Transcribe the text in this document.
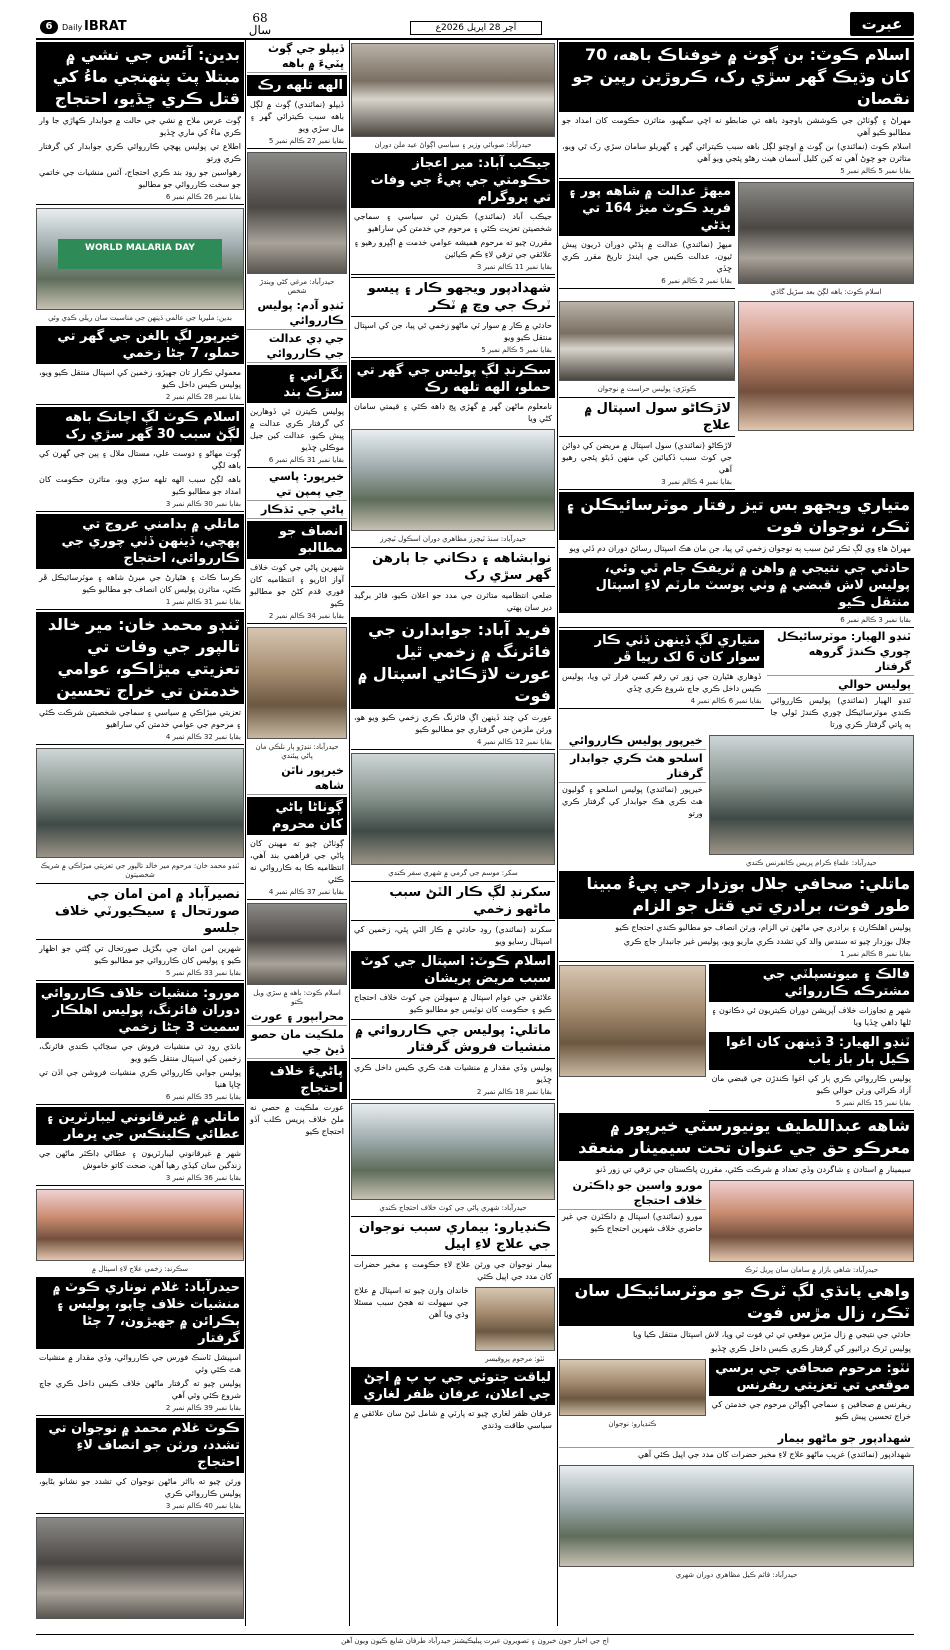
6	Daily IBRAT
68
سال	آچر 28 اپريل 2026ع	عبرت
اسلام ڪوٽ: بن ڳوٺ ۾ خوفناڪ باهه، 70 کان وڌيڪ گهر سڙي رک، ڪروڙين رپين جو نقصان
مهراڻ ۽ ڳوٺاڻن جي ڪوششن باوجود باهه تي ضابطو نه اچي سگهيو، متاثرن حڪومت کان امداد جو مطالبو ڪيو آهي
اسلام ڪوٽ (نمائندي) بن ڳوٺ ۾ اوچتو لڳل باهه سبب ڪيترائي گهر ۽ گهريلو سامان سڙي رک ٿي ويو، متاثرن جو چوڻ آهي ته کين کليل آسمان هيٺ رهڻو پئجي ويو آهي
بقايا نمبر 5 ڪالم نمبر 5
اسلام ڪوٽ: باهه لڳڻ بعد سڙيل گاڏي
ميهڙ عدالت ۾ شاهه پور ۽ فريد ڪوٽ ميڙ 164 تي ٻڌڻي
ميهڙ (نمائندي) عدالت ۾ ٻڌڻي دوران ڌريون پيش ٿيون، عدالت ڪيس جي ايندڙ تاريخ مقرر ڪري ڇڏي
بقايا نمبر 2 ڪالم نمبر 6
ڪوٽڙي: پوليس حراست ۾ نوجوان
لاڙڪاڻو سول اسپتال ۾ علاج
لاڙڪاڻو (نمائندي) سول اسپتال ۾ مريضن کي دوائن جي کوٽ سبب ڏکيائين کي منهن ڏيڻو پئجي رهيو آهي
بقايا نمبر 4 ڪالم نمبر 3
متياري ويجهو بس تيز رفتار موٽرسائيڪلن ۽ ٽڪر، نوجوان فوت
مهراڻ هاءِ وي لڳ ٽڪر ٿيڻ سبب ٻه نوجوان زخمي ٿي پيا، جن مان هڪ اسپتال رسائڻ دوران دم ڏئي ويو
حادثي جي نتيجي ۾ واهن ۾ ٽريفڪ جام ٿي وئي، پوليس لاش قبضي ۾ وٺي پوسٽ مارٽم لاءِ اسپتال منتقل ڪيو
بقايا نمبر 3 ڪالم نمبر 6
ٽنڊو الهيار: موٽرسائيڪل چوري ڪندڙ گروهه گرفتار
پوليس حوالي
ٽنڊو الهيار (نمائندي) پوليس ڪارروائي ڪندي موٽرسائيڪل چوري ڪندڙ ٽولي جا ٻه ڀاتي گرفتار ڪري ورتا
متياري لڳ ڏينهن ڏٺي ڪار سوار کان 6 لک رپيا ڦر
ڏوهاري هٿيارن جي زور تي رقم کسي فرار ٿي ويا، پوليس ڪيس داخل ڪري جاچ شروع ڪري ڇڏي
بقايا نمبر 6 ڪالم نمبر 4
حيدرآباد: علماءِ ڪرام پريس ڪانفرنس ڪندي
خيرپور پوليس ڪارروائي
اسلحو هٿ ڪري جوابدار گرفتار
خيرپور (نمائندي) پوليس اسلحو ۽ گوليون هٿ ڪري هڪ جوابدار کي گرفتار ڪري ورتو
ماتلي: صحافي جلال بوزدار جي پيءُ مبينا طور فوت، برادري تي قتل جو الزام
پوليس اهلڪارن ۽ برادري جي ماڻهن تي الزام، ورثن انصاف جو مطالبو ڪندي احتجاج ڪيو
جلال بوزدار چيو ته سندس والد کي تشدد ڪري ماريو ويو، پوليس غير جانبدار جاچ ڪري
بقايا نمبر 8 ڪالم نمبر 1
فالڪ ۽ ميونسپلٽي جي مشترڪه ڪارروائي
شهر ۾ تجاوزات خلاف آپريشن دوران ڪيتريون ئي دڪانون ۽ ٿلها ڊاهي ڇڏيا ويا
ٽنڊو الهيار: 3 ڏينهن کان اغوا ڪيل ٻار باز ياب
پوليس ڪارروائي ڪري ٻار کي اغوا ڪندڙن جي قبضي مان آزاد ڪرائي ورثن حوالي ڪيو
بقايا نمبر 15 ڪالم نمبر 5
شاهه عبداللطيف يونيورسٽي خيرپور ۾ معرڪو حق جي عنوان تحت سيمينار منعقد
سيمينار ۾ استادن ۽ شاگردن وڏي تعداد ۾ شرڪت ڪئي، مقررن پاڪستان جي ترقي تي زور ڏنو
حيدرآباد: شاهي بازار ۾ سامان سان ڀريل ٽرڪ
مورو واسين جو ڊاڪٽرن خلاف احتجاج
مورو (نمائندي) اسپتال ۾ ڊاڪٽرن جي غير حاضري خلاف شهرين احتجاج ڪيو
واهي پانڌي لڳ ٽرڪ جو موٽرسائيڪل سان ٽڪر، زال مڙس فوت
حادثي جي نتيجي ۾ زال مڙس موقعي تي ئي فوت ٿي ويا، لاش اسپتال منتقل ڪيا ويا
پوليس ٽرڪ ڊرائيور کي گرفتار ڪري ڪيس داخل ڪري ڇڏيو
ٺٽو: مرحوم صحافي جي برسي موقعي تي تعزيتي ريفرنس
ريفرنس ۾ صحافين ۽ سماجي اڳواڻن مرحوم جي خدمتن کي خراج تحسين پيش ڪيو
ڪنڊيارو: نوجوان
شهدادپور جو ماڻهو بيمار
شهدادپور (نمائندي) غريب ماڻهو علاج لاءِ مخير حضرات کان مدد جي اپيل ڪئي آهي
حيدرآباد: قائم ڪيل مظاهري دوران شهري
حيدرآباد: صوبائي وزير ۽ سياسي اڳواڻ عيد ملن دوران
جيڪب آباد: مير اعجاز حڪومتي جي پيءُ جي وفات تي پروگرام
جيڪب آباد (نمائندي) ڪيترن ئي سياسي ۽ سماجي شخصيتن تعزيت ڪئي ۽ مرحوم جي خدمتن کي ساراهيو
مقررن چيو ته مرحوم هميشه عوامي خدمت ۾ اڳڀرو رهيو ۽ علائقي جي ترقي لاءِ ڪم ڪيائين
بقايا نمبر 11 ڪالم نمبر 3
شهدادپور ويجهو ڪار ۽ پيسو ٽرڪ جي وچ ۾ ٽڪر
حادثي ۾ ڪار ۾ سوار ٽي ماڻهو زخمي ٿي پيا، جن کي اسپتال منتقل ڪيو ويو
بقايا نمبر 5 ڪالم نمبر 5
سڪرنڊ لڳ پوليس جي گهر تي حملو، الهه تلهه رڪ
نامعلوم ماڻهن گهر ۾ گهڙي ڀڃ ڊاهه ڪئي ۽ قيمتي سامان کڻي ويا
حيدرآباد: سنڌ ٽيچرز مظاهري دوران اسڪول ٽيچرز
نوابشاهه ۽ دڪاني جا ٻارهن گهر سڙي رک
ضلعي انتظاميه متاثرن جي مدد جو اعلان ڪيو، فائر برگيڊ دير سان پهتي
فريد آباد: جوابدارن جي فائرنگ ۾ زخمي ٿيل عورت لاڙڪاڻي اسپتال ۾ فوت
عورت کي چند ڏينهن اڳ فائرنگ ڪري زخمي ڪيو ويو هو، ورثن ملزمن جي گرفتاري جو مطالبو ڪيو
بقايا نمبر 12 ڪالم نمبر 4
سکر: موسم جي گرمي ۾ شهري سفر ڪندي
سکرنڊ لڳ ڪار الٽڻ سبب ماڻهو زخمي
سکرنڊ (نمائندي) روڊ حادثي ۾ ڪار الٽي پئي، زخمين کي اسپتال رسايو ويو
اسلام ڪوٽ: اسپتال جي کوٽ سبب مريض پريشان
علائقي جي عوام اسپتال ۾ سهولتن جي کوٽ خلاف احتجاج ڪيو ۽ حڪومت کان نوٽيس جو مطالبو ڪيو
ماتلي: پوليس جي ڪارروائي ۾ منشيات فروش گرفتار
پوليس وڏي مقدار ۾ منشيات هٿ ڪري ڪيس داخل ڪري ڇڏيو
بقايا نمبر 18 ڪالم نمبر 2
حيدرآباد: شهري پاڻي جي کوٽ خلاف احتجاج ڪندي
ڪنڊيارو: بيماري سبب نوجوان جي علاج لاءِ اپيل
بيمار نوجوان جي ورثن علاج لاءِ حڪومت ۽ مخير حضرات کان مدد جي اپيل ڪئي
ٺٽو: مرحوم پروفيسر
خاندان وارن چيو ته اسپتال ۾ علاج جي سهولت نه هجڻ سبب مسئلا وڌي ويا آهن
لياقت جتوئي جي پ پ ۾ اچڻ جي اعلان، عرفان ظفر لغاري
عرفان ظفر لغاري چيو ته پارٽي ۾ شامل ٿيڻ سان علائقي ۾ سياسي طاقت وڌندي
ڏيپلو جي ڳوٺ ڀٽيءَ ۾ باهه
الهه تلهه رڪ
ڏيپلو (نمائندي) ڳوٺ ۾ لڳل باهه سبب ڪيترائي گهر ۽ مال سڙي ويو
بقايا نمبر 27 ڪالم نمبر 5
حيدرآباد: مرغي کڻي ويندڙ شخص
ٽنڊو آدم: پوليس ڪارروائي
جي ڊي عدالت جي ڪارروائي
نگراني ۽ سڙڪ بند
پوليس ڪيترن ئي ڏوهارين کي گرفتار ڪري عدالت ۾ پيش ڪيو، عدالت کين جيل موڪلي ڇڏيو
بقايا نمبر 31 ڪالم نمبر 6
خيرپور: پاسي جي پمپن تي
پاڻي جي ٿڌڪار
انصاف جو مطالبو
شهرين پاڻي جي کوٽ خلاف آواز اٿاريو ۽ انتظاميه کان فوري قدم کڻڻ جو مطالبو ڪيو
بقايا نمبر 34 ڪالم نمبر 2
حيدرآباد: ننڍڙو ٻار نلڪي مان پاڻي پيئندي
خيرپور ناٿن شاهه
ڳوٺاڻا پاڻي کان محروم
ڳوٺاڻن چيو ته مهينن کان پاڻي جي فراهمي بند آهي، انتظاميه ڪا به ڪارروائي نه ڪئي
بقايا نمبر 37 ڪالم نمبر 4
اسلام ڪوٽ: باهه ۾ سڙي ويل ڪتو
محرابپور ۽ عورت
ملڪيت مان حصو ڏيڻ جي
پاڻيءَ خلاف احتجاج
عورت ملڪيت ۾ حصي نه ملڻ خلاف پريس ڪلب آڏو احتجاج ڪيو
بدين: آئس جي نشي ۾ مبتلا پٽ پنهنجي ماءُ کي قتل ڪري ڇڏيو، احتجاج
ڳوٺ عرس ملاح ۾ نشي جي حالت ۾ جوابدار ڪهاڙي جا وار ڪري ماءُ کي ماري ڇڏيو
اطلاع تي پوليس پهچي ڪارروائي ڪري جوابدار کي گرفتار ڪري ورتو
رهواسين جو روڊ بند ڪري احتجاج، آئس منشيات جي خاتمي جو سخت ڪارروائي جو مطالبو
بقايا نمبر 26 ڪالم نمبر 6
WORLD MALARIA DAY
بدين: مليريا جي عالمي ڏينهن جي مناسبت سان ريلي ڪڍي وئي
خيرپور لڳ بالغن جي گهر تي حملو، 7 ڄڻا زخمي
معمولي تڪرار تان جهيڙو، زخمين کي اسپتال منتقل ڪيو ويو، پوليس ڪيس داخل ڪيو
بقايا نمبر 28 ڪالم نمبر 2
اسلام ڪوٽ لڳ اچانڪ باهه لڳڻ سبب 30 گهر سڙي رک
ڳوٺ مهاڻو ۽ دوست علي، مستال ملال ۽ ٻين جي گهرن کي باهه لڳي
باهه لڳڻ سبب الهه تلهه سڙي ويو، متاثرن حڪومت کان امداد جو مطالبو ڪيو
بقايا نمبر 30 ڪالم نمبر 3
ماتلي ۾ بدامني عروج تي پهچي، ڏينهن ڏٺي چوري جي ڪارروائي، احتجاج
ڪرسا ڪاٽ ۽ هٿيارڻ جي ميرڻ شاهه ۽ موٽرسائيڪل ڦر ڪئي، متاثرن پوليس کان انصاف جو مطالبو ڪيو
بقايا نمبر 31 ڪالم نمبر 1
ٽنڊو محمد خان: مير خالد تالپور جي وفات تي تعزيتي ميڙاڪو، عوامي خدمتن تي خراج تحسين
تعزيتي ميڙاڪي ۾ سياسي ۽ سماجي شخصيتن شرڪت ڪئي ۽ مرحوم جي عوامي خدمتن کي ساراهيو
بقايا نمبر 32 ڪالم نمبر 4
ٽنڊو محمد خان: مرحوم مير خالد تالپور جي تعزيتي ميڙاڪي ۾ شريڪ شخصيتون
نصيرآباد ۾ امن امان جي صورتحال ۽ سيڪيورٽي خلاف جلسو
شهرين امن امان جي بگڙيل صورتحال تي ڳڻتي جو اظهار ڪيو ۽ پوليس کان ڪارروائي جو مطالبو ڪيو
بقايا نمبر 33 ڪالم نمبر 5
مورو: منشيات خلاف ڪارروائي دوران فائرنگ، پوليس اهلڪار سميت 3 ڄڻا زخمي
بانڌي روڊ تي منشيات فروش جي سڃاڻپ ڪندي فائرنگ، زخمين کي اسپتال منتقل ڪيو ويو
پوليس جوابي ڪارروائي ڪري منشيات فروشن جي اڏن تي ڇاپا هنيا
بقايا نمبر 35 ڪالم نمبر 6
ماتلي ۾ غيرقانوني ليبارٽرين ۽ عطائي ڪلينڪس جي ڀرمار
شهر ۾ غيرقانوني ليبارٽريون ۽ عطائي ڊاڪٽر ماڻهن جي زندگين سان کيڏي رهيا آهن، صحت کاتو خاموش
بقايا نمبر 36 ڪالم نمبر 3
سڪرنڊ: زخمي علاج لاءِ اسپتال ۾
حيدرآباد: غلام نوناري ڪوٽ ۾ منشيات خلاف ڇاپو، پوليس ۽ ٻڪرائن ۾ جهيڙون، 7 ڄڻا گرفتار
اسپيشل ٽاسڪ فورس جي ڪارروائي، وڏي مقدار ۾ منشيات هٿ ڪئي وئي
پوليس چيو ته گرفتار ماڻهن خلاف ڪيس داخل ڪري جاچ شروع ڪئي وئي آهي
بقايا نمبر 39 ڪالم نمبر 2
ڪوٽ غلام محمد ۾ نوجوان تي تشدد، ورثن جو انصاف لاءِ احتجاج
ورثن چيو ته بااثر ماڻهن نوجوان کي تشدد جو نشانو بڻايو، پوليس ڪارروائي ڪري
بقايا نمبر 40 ڪالم نمبر 3
اڄ جي اخبار جون خبرون ۽ تصويرون عبرت پبليڪيشنز حيدرآباد طرفان شايع ڪيون ويون آهن
